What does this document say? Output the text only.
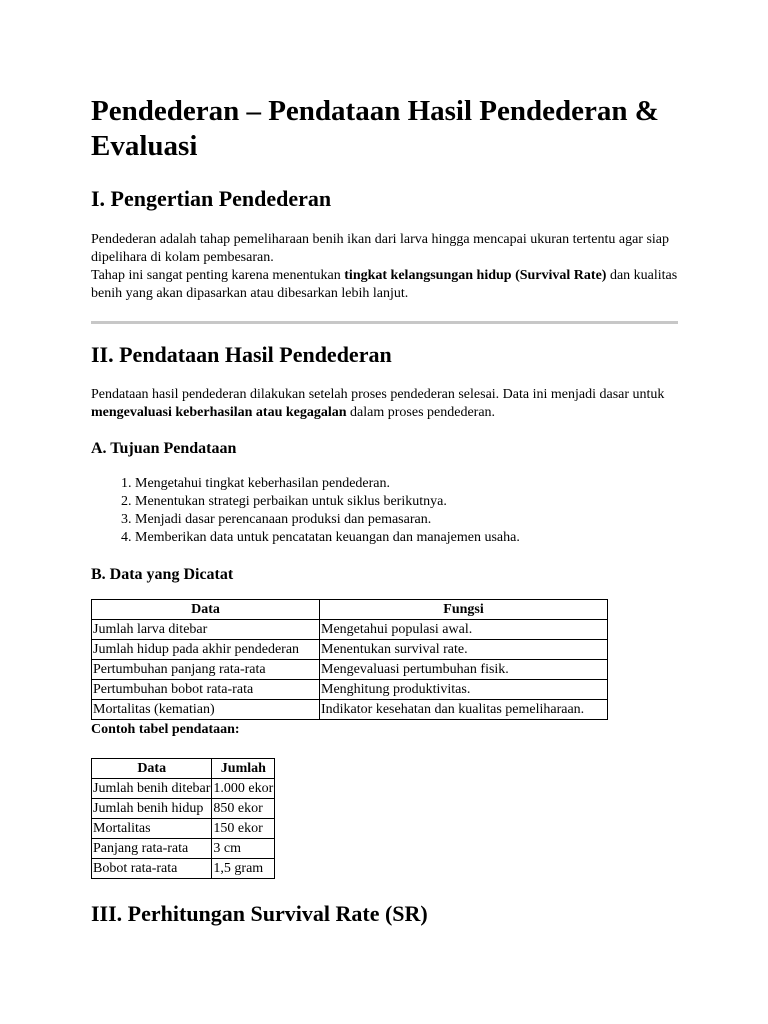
Pendederan – Pendataan Hasil Pendederan & Evaluasi
I. Pengertian Pendederan

Pendederan adalah tahap pemeliharaan benih ikan dari larva hingga mencapai ukuran tertentu agar siap dipelihara di kolam pembesaran.

Tahap ini sangat penting karena menentukan tingkat kelangsungan hidup (Survival Rate) dan kualitas benih yang akan dipasarkan atau dibesarkan lebih lanjut.

II. Pendataan Hasil Pendederan

Pendataan hasil pendederan dilakukan setelah proses pendederan selesai. Data ini menjadi dasar untuk mengevaluasi keberhasilan atau kegagalan dalam proses pendederan.

A. Tujuan Pendataan
1. Mengetahui tingkat keberhasilan pendederan.
2. Menentukan strategi perbaikan untuk siklus berikutnya.
3. Menjadi dasar perencanaan produksi dan pemasaran.
4. Memberikan data untuk pencatatan keuangan dan manajemen usaha.
B. Data yang Dicatat
Data	Fungsi
Jumlah larva ditebar	Mengetahui populasi awal.
Jumlah hidup pada akhir pendederan	Menentukan survival rate.
Pertumbuhan panjang rata-rata	Mengevaluasi pertumbuhan fisik.
Pertumbuhan bobot rata-rata	Menghitung produktivitas.
Mortalitas (kematian)	Indikator kesehatan dan kualitas pemeliharaan.
Contoh tabel pendataan:
Data	Jumlah
Jumlah benih ditebar	1.000 ekor
Jumlah benih hidup	850 ekor
Mortalitas	150 ekor
Panjang rata-rata	3 cm
Bobot rata-rata	1,5 gram
III. Perhitungan Survival Rate (SR)
